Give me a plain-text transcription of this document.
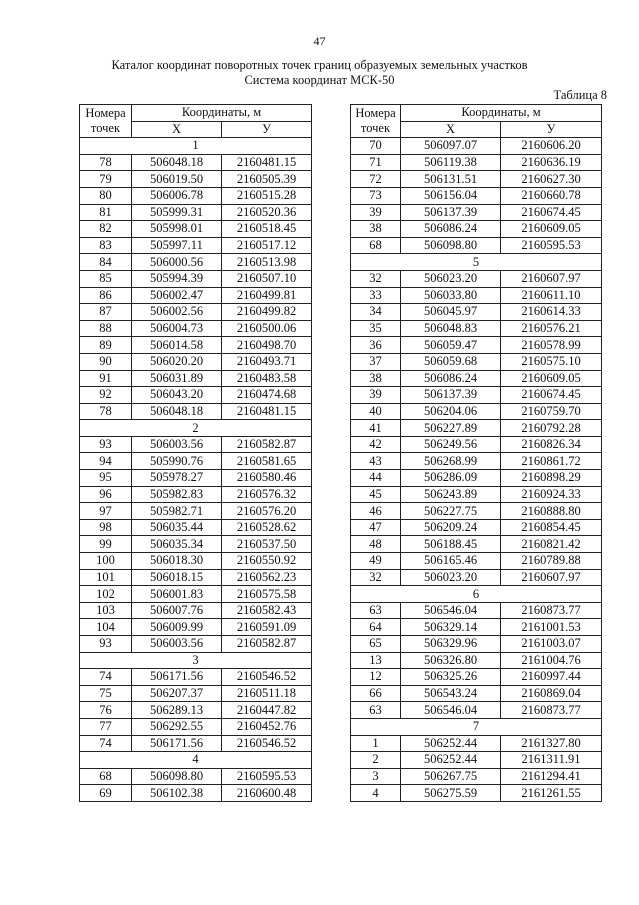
47
Каталог координат поворотных точек границ образуемых земельных участков
Система координат МСК-50
Таблица 8
Номера
точек	Координаты, м	
	X	У
1		
78	506048.18	2160481.15
79	506019.50	2160505.39
80	506006.78	2160515.28
81	505999.31	2160520.36
82	505998.01	2160518.45
83	505997.11	2160517.12
84	506000.56	2160513.98
85	505994.39	2160507.10
86	506002.47	2160499.81
87	506002.56	2160499.82
88	506004.73	2160500.06
89	506014.58	2160498.70
90	506020.20	2160493.71
91	506031.89	2160483.58
92	506043.20	2160474.68
78	506048.18	2160481.15
2		
93	506003.56	2160582.87
94	505990.76	2160581.65
95	505978.27	2160580.46
96	505982.83	2160576.32
97	505982.71	2160576.20
98	506035.44	2160528.62
99	506035.34	2160537.50
100	506018.30	2160550.92
101	506018.15	2160562.23
102	506001.83	2160575.58
103	506007.76	2160582.43
104	506009.99	2160591.09
93	506003.56	2160582.87
3		
74	506171.56	2160546.52
75	506207.37	2160511.18
76	506289.13	2160447.82
77	506292.55	2160452.76
74	506171.56	2160546.52
4		
68	506098.80	2160595.53
69	506102.38	2160600.48
Номера
точек	Координаты, м	
	X	У
70	506097.07	2160606.20
71	506119.38	2160636.19
72	506131.51	2160627.30
73	506156.04	2160660.78
39	506137.39	2160674.45
38	506086.24	2160609.05
68	506098.80	2160595.53
5		
32	506023.20	2160607.97
33	506033.80	2160611.10
34	506045.97	2160614.33
35	506048.83	2160576.21
36	506059.47	2160578.99
37	506059.68	2160575.10
38	506086.24	2160609.05
39	506137.39	2160674.45
40	506204.06	2160759.70
41	506227.89	2160792.28
42	506249.56	2160826.34
43	506268.99	2160861.72
44	506286.09	2160898.29
45	506243.89	2160924.33
46	506227.75	2160888.80
47	506209.24	2160854.45
48	506188.45	2160821.42
49	506165.46	2160789.88
32	506023.20	2160607.97
6		
63	506546.04	2160873.77
64	506329.14	2161001.53
65	506329.96	2161003.07
13	506326.80	2161004.76
12	506325.26	2160997.44
66	506543.24	2160869.04
63	506546.04	2160873.77
7		
1	506252.44	2161327.80
2	506252.44	2161311.91
3	506267.75	2161294.41
4	506275.59	2161261.55
